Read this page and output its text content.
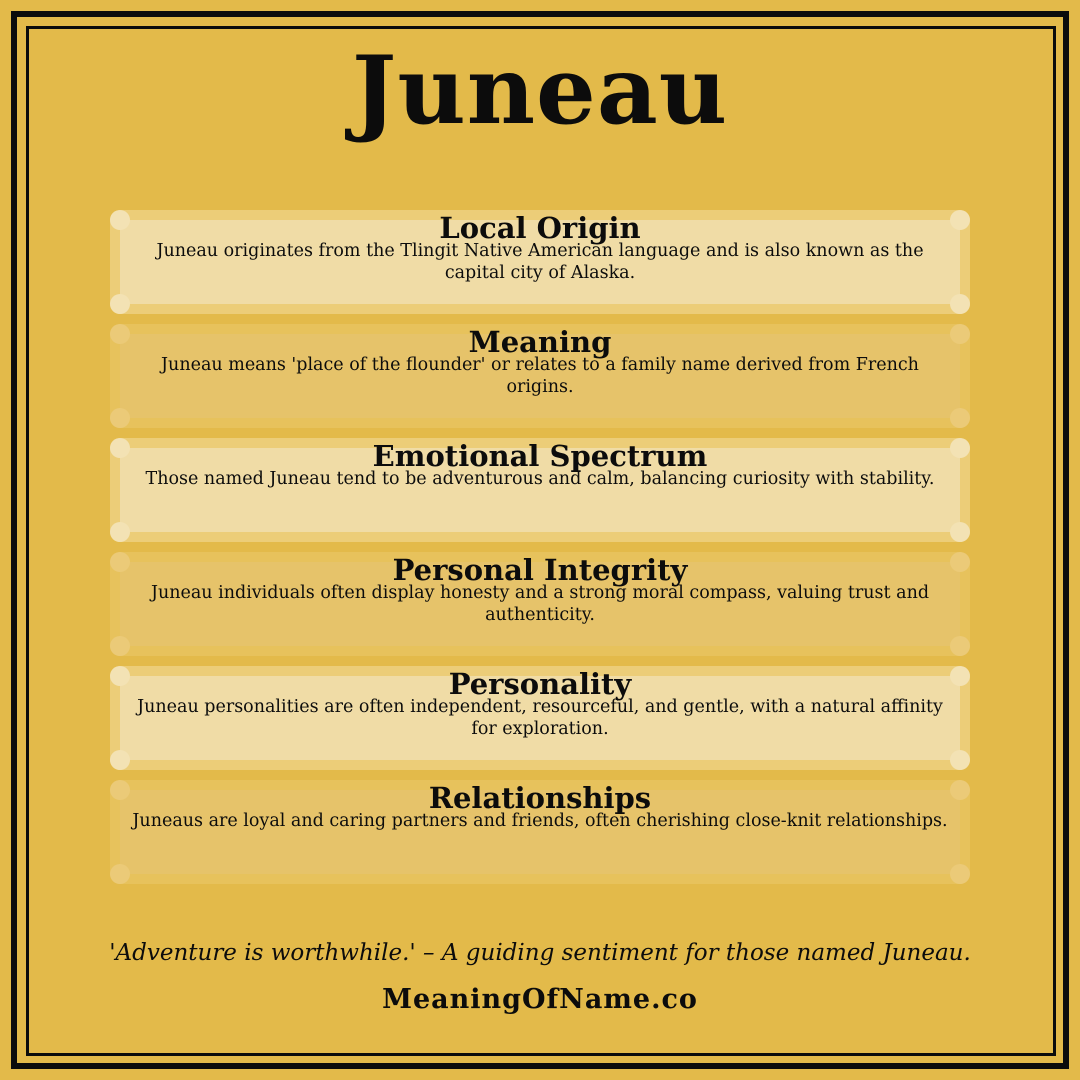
Juneau
Local Origin
Juneau originates from the Tlingit Native American language and is also known as the capital city of Alaska.
Meaning
Juneau means 'place of the flounder' or relates to a family name derived from French origins.
Emotional Spectrum
Those named Juneau tend to be adventurous and calm, balancing curiosity with stability.
Personal Integrity
Juneau individuals often display honesty and a strong moral compass, valuing trust and authenticity.
Personality
Juneau personalities are often independent, resourceful, and gentle, with a natural affinity for exploration.
Relationships
Juneaus are loyal and caring partners and friends, often cherishing close-knit relationships.
'Adventure is worthwhile.' – A guiding sentiment for those named Juneau.
MeaningOfName.co
